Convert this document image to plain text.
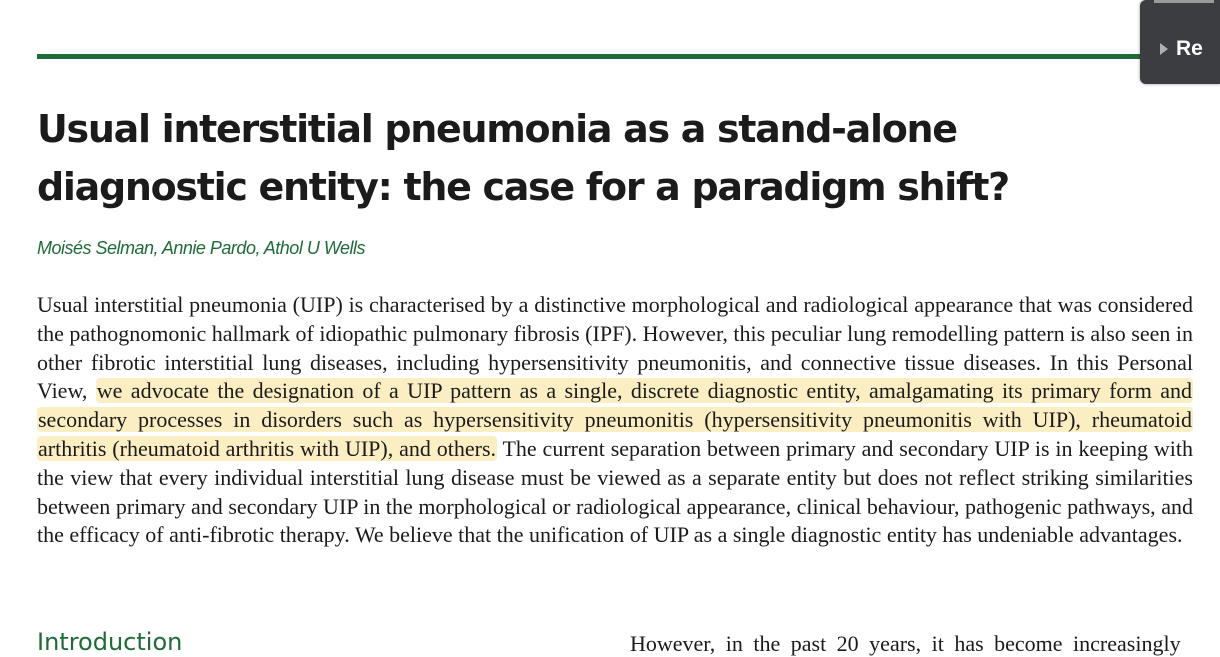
Re
Usual interstitial pneumonia as a stand-alone diagnostic entity: the case for a paradigm shift?
Moisés Selman, Annie Pardo, Athol U Wells

Usual interstitial pneumonia (UIP) is characterised by a distinctive morphological and radiological appearance that was considered the pathognomonic hallmark of idiopathic pulmonary fibrosis (IPF). However, this peculiar lung remodelling pattern is also seen in other fibrotic interstitial lung diseases, including hypersensitivity pneumonitis, and connective tissue diseases. In this Personal View, we advocate the designation of a UIP pattern as a single, discrete diagnostic entity, amalgamating its primary form and secondary processes in disorders such as hypersensitivity pneumonitis (hypersensitivity pneumonitis with UIP), rheumatoid arthritis (rheumatoid arthritis with UIP), and others. The current separation between primary and secondary UIP is in keeping with the view that every individual interstitial lung disease must be viewed as a separate entity but does not reflect striking similarities between primary and secondary UIP in the morphological or radiological appearance, clinical behaviour, pathogenic pathways, and the efficacy of anti-fibrotic therapy. We believe that the unification of UIP as a single diagnostic entity has undeniable advantages.

Introduction	However, in the past 20 years, it has become increasingly
